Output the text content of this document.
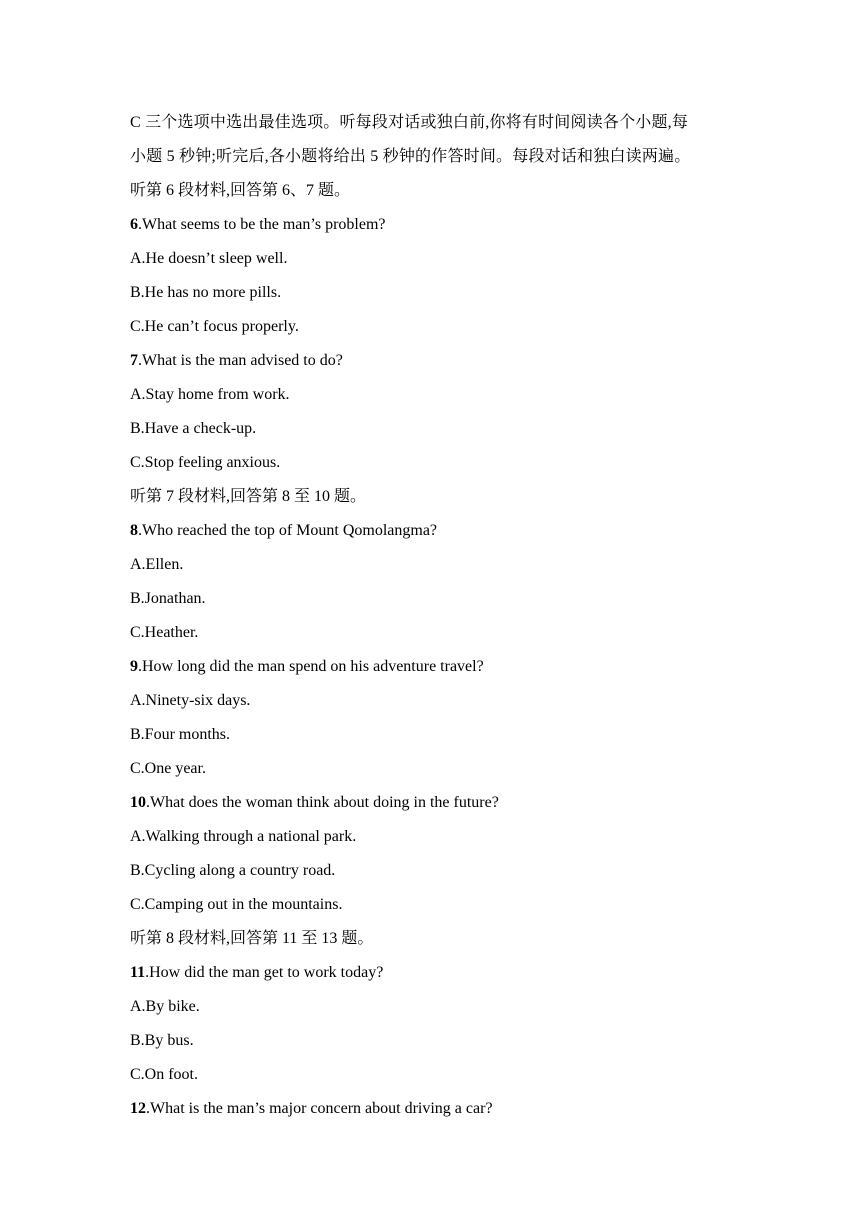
C 三个选项中选出最佳选项。听每段对话或独白前,你将有时间阅读各个小题,每
小题 5 秒钟;听完后,各小题将给出 5 秒钟的作答时间。每段对话和独白读两遍。
听第 6 段材料,回答第 6、7 题。
6.What seems to be the man’s problem?
A.He doesn’t sleep well.
B.He has no more pills.
C.He can’t focus properly.
7.What is the man advised to do?
A.Stay home from work.
B.Have a check-up.
C.Stop feeling anxious.
听第 7 段材料,回答第 8 至 10 题。
8.Who reached the top of Mount Qomolangma?
A.Ellen.
B.Jonathan.
C.Heather.
9.How long did the man spend on his adventure travel?
A.Ninety-six days.
B.Four months.
C.One year.
10.What does the woman think about doing in the future?
A.Walking through a national park.
B.Cycling along a country road.
C.Camping out in the mountains.
听第 8 段材料,回答第 11 至 13 题。
11.How did the man get to work today?
A.By bike.
B.By bus.
C.On foot.
12.What is the man’s major concern about driving a car?
